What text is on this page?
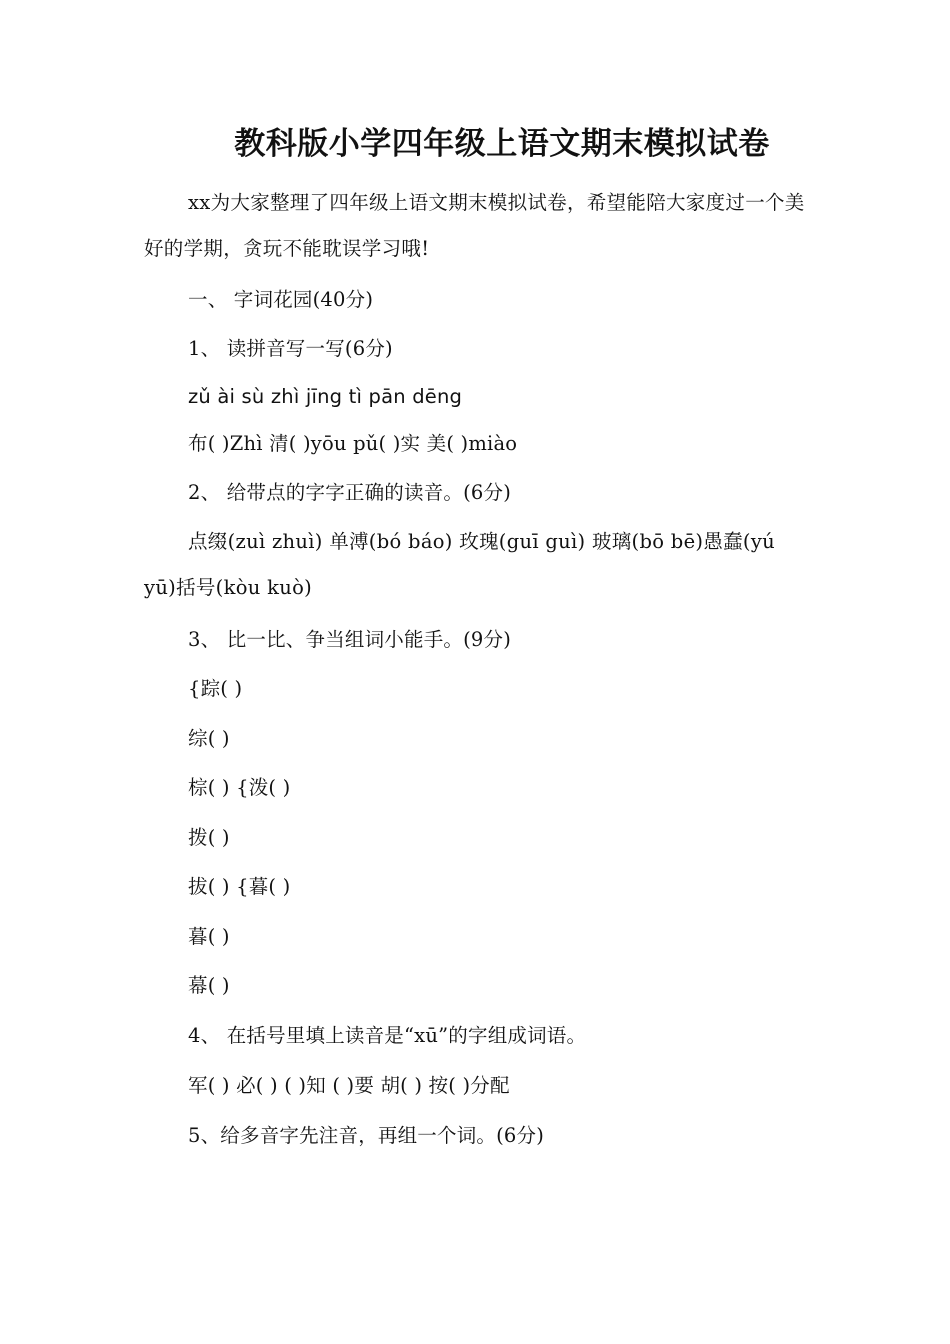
教科版小学四年级上语文期末模拟试卷
xx为大家整理了四年级上语文期末模拟试卷，希望能陪大家度过一个美好的学期，贪玩不能耽误学习哦!
一、 字词花园(40分)
1、 读拼音写一写(6分)
zǔ ài sù zhì jīng tì pān dēng
布( )Zhì 清( )yōu pǔ( )实 美( )miào
2、 给带点的字字正确的读音。(6分)
点缀(zuì zhuì) 单溥(bó báo) 玫瑰(guī guì) 玻璃(bō bē)愚蠢(yú yū)括号(kòu kuò)
3、 比一比、争当组词小能手。(9分)
{踪( )
综( )
棕( ) {泼( )
拨( )
拔( ) {暮( )
暮( )
幕( )
4、 在括号里填上读音是“xū”的字组成词语。
军( ) 必( ) ( )知 ( )要 胡( ) 按( )分配
5、给多音字先注音，再组一个词。(6分)
